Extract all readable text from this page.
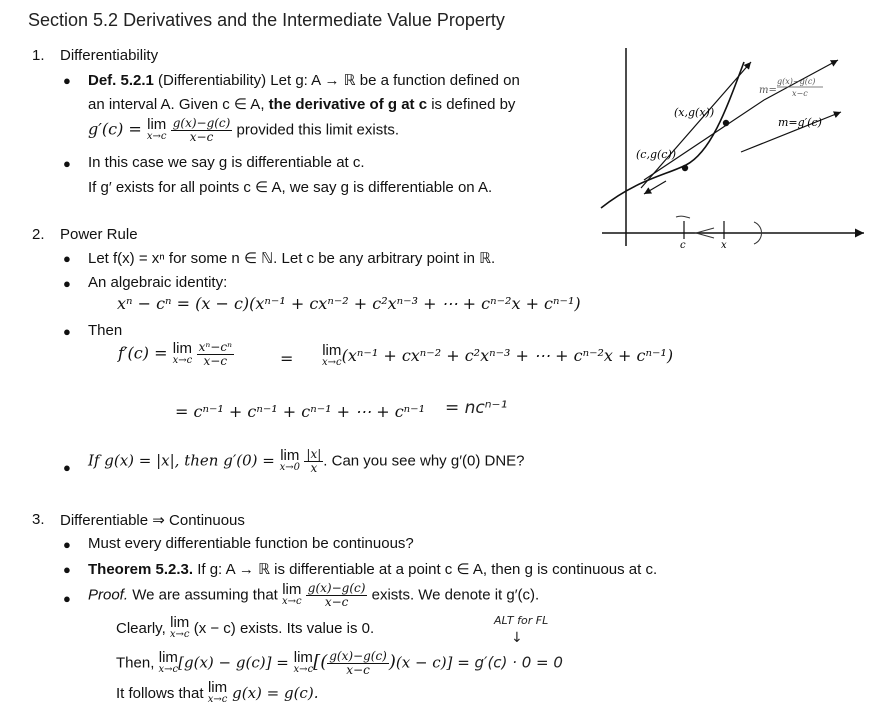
Section 5.2 Derivatives and the Intermediate Value Property
1. Differentiability
● Def. 5.2.1 (Differentiability) Let g: A → ℝ be a function defined on
an interval A. Given c ∈ A, the derivative of g at c is defined by
g′(c) = lim
x→c
$\frac{g(x)-g(c)}{x-c}$ provided this limit exists.
● In this case we say g is differentiable at c.
If g′ exists for all points c ∈ A, we say g is differentiable on A.
(x,g(x))
(c,g(c))
m=
g(x)−g(c)
x−c
m=g′(c)
c	x
2. Power Rule
● Let f(x) = xⁿ for some n ∈ ℕ. Let c be any arbitrary point in ℝ.
● An algebraic identity:
xⁿ − cⁿ = (x − c)(xⁿ⁻¹ + cxⁿ⁻² + c²xⁿ⁻³ + ⋯ + cⁿ⁻²x + cⁿ⁻¹)
● Then
f′(c) = lim
x→c
$\frac{\text{xⁿ−cⁿ}}{x-c}$	= lim
x→c (xⁿ⁻¹ + cxⁿ⁻² + c²xⁿ⁻³ + ⋯ + cⁿ⁻²x + cⁿ⁻¹)
= cⁿ⁻¹ + cⁿ⁻¹ + cⁿ⁻¹ + ⋯ + cⁿ⁻¹ = ncⁿ⁻¹
● If g(x) = |x|, then g′(0) = lim
x→0
$\frac{|x|}{x}$ . Can you see why g′(0) DNE?
3. Differentiable ⇒ Continuous
● Must every differentiable function be continuous?
● Theorem 5.2.3. If g: A → ℝ is differentiable at a point c ∈ A, then g is continuous at c.
● Proof. We are assuming that lim
x→c
$\frac{g(x)-g(c)}{x-c}$ exists. We denote it g′(c).
Clearly, lim
x→c (x − c) exists. Its value is 0.	ALT for FL
↓
Then, lim
x→c [g(x) − g(c)] = lim
x→c [( $\frac{g(x)-g(c)}{x-c} )(x - c)] = g'(c) \cdot 0 = 0$
It follows that lim
x→c g(x) = g(c).
